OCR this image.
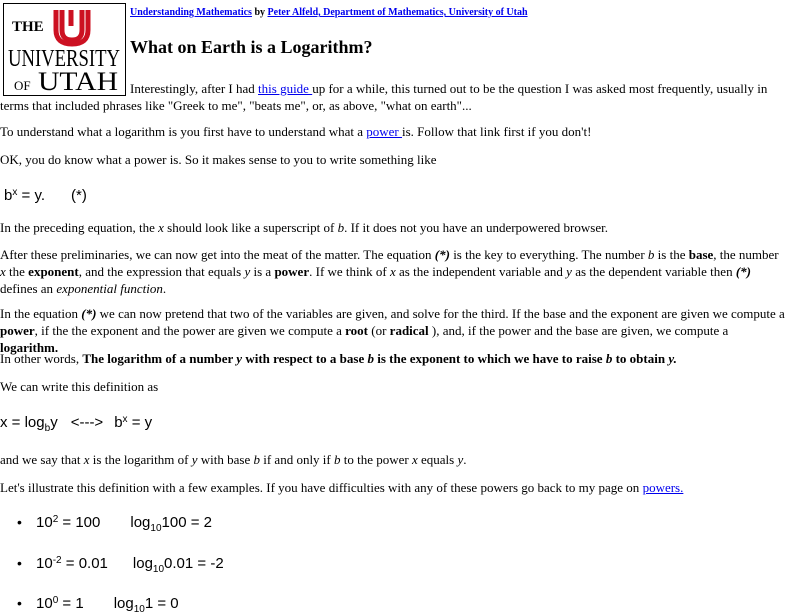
THE
UNIVERSITY
OF UTAH
Understanding Mathematics by Peter Alfeld, Department of Mathematics, University of Utah
What on Earth is a Logarithm?

Interestingly, after I had this guide up for a while, this turned out to be the question I was asked most frequently, usually in terms that included phrases like "Greek to me", "beats me", or, as above, "what on earth"...

To understand what a logarithm is you first have to understand what a power is. Follow that link first if you don't!

OK, you do know what a power is. So it makes sense to you to write something like

$b^x = y$. (*)

In the preceding equation, the x should look like a superscript of b. If it does not you have an underpowered browser.

After these preliminaries, we can now get into the meat of the matter. The equation (*) is the key to everything. The number b is the base, the number x the exponent, and the expression that equals y is a power. If we think of x as the independent variable and y as the dependent variable then (*) defines an exponential function.

In the equation (*) we can now pretend that two of the variables are given, and solve for the third. If the base and the exponent are given we compute a power, if the the exponent and the power are given we compute a root (or radical ), and, if the power and the base are given, we compute a logarithm.

In other words, The logarithm of a number y with respect to a base b is the exponent to which we have to raise b to obtain y.

We can write this definition as

$x = \log_by$ <---> $b^x = y$

and we say that x is the logarithm of y with base b if and only if b to the power x equals y.

Let's illustrate this definition with a few examples. If you have difficulties with any of these powers go back to my page on powers.

• $10^2 = 100$ $\log_{10}100 = 2$
• $10^{-2} = 0.01$ $\log_{10}0.01 = -2$
• $10^0 = 1$ $\log_{10}1 = 0$
